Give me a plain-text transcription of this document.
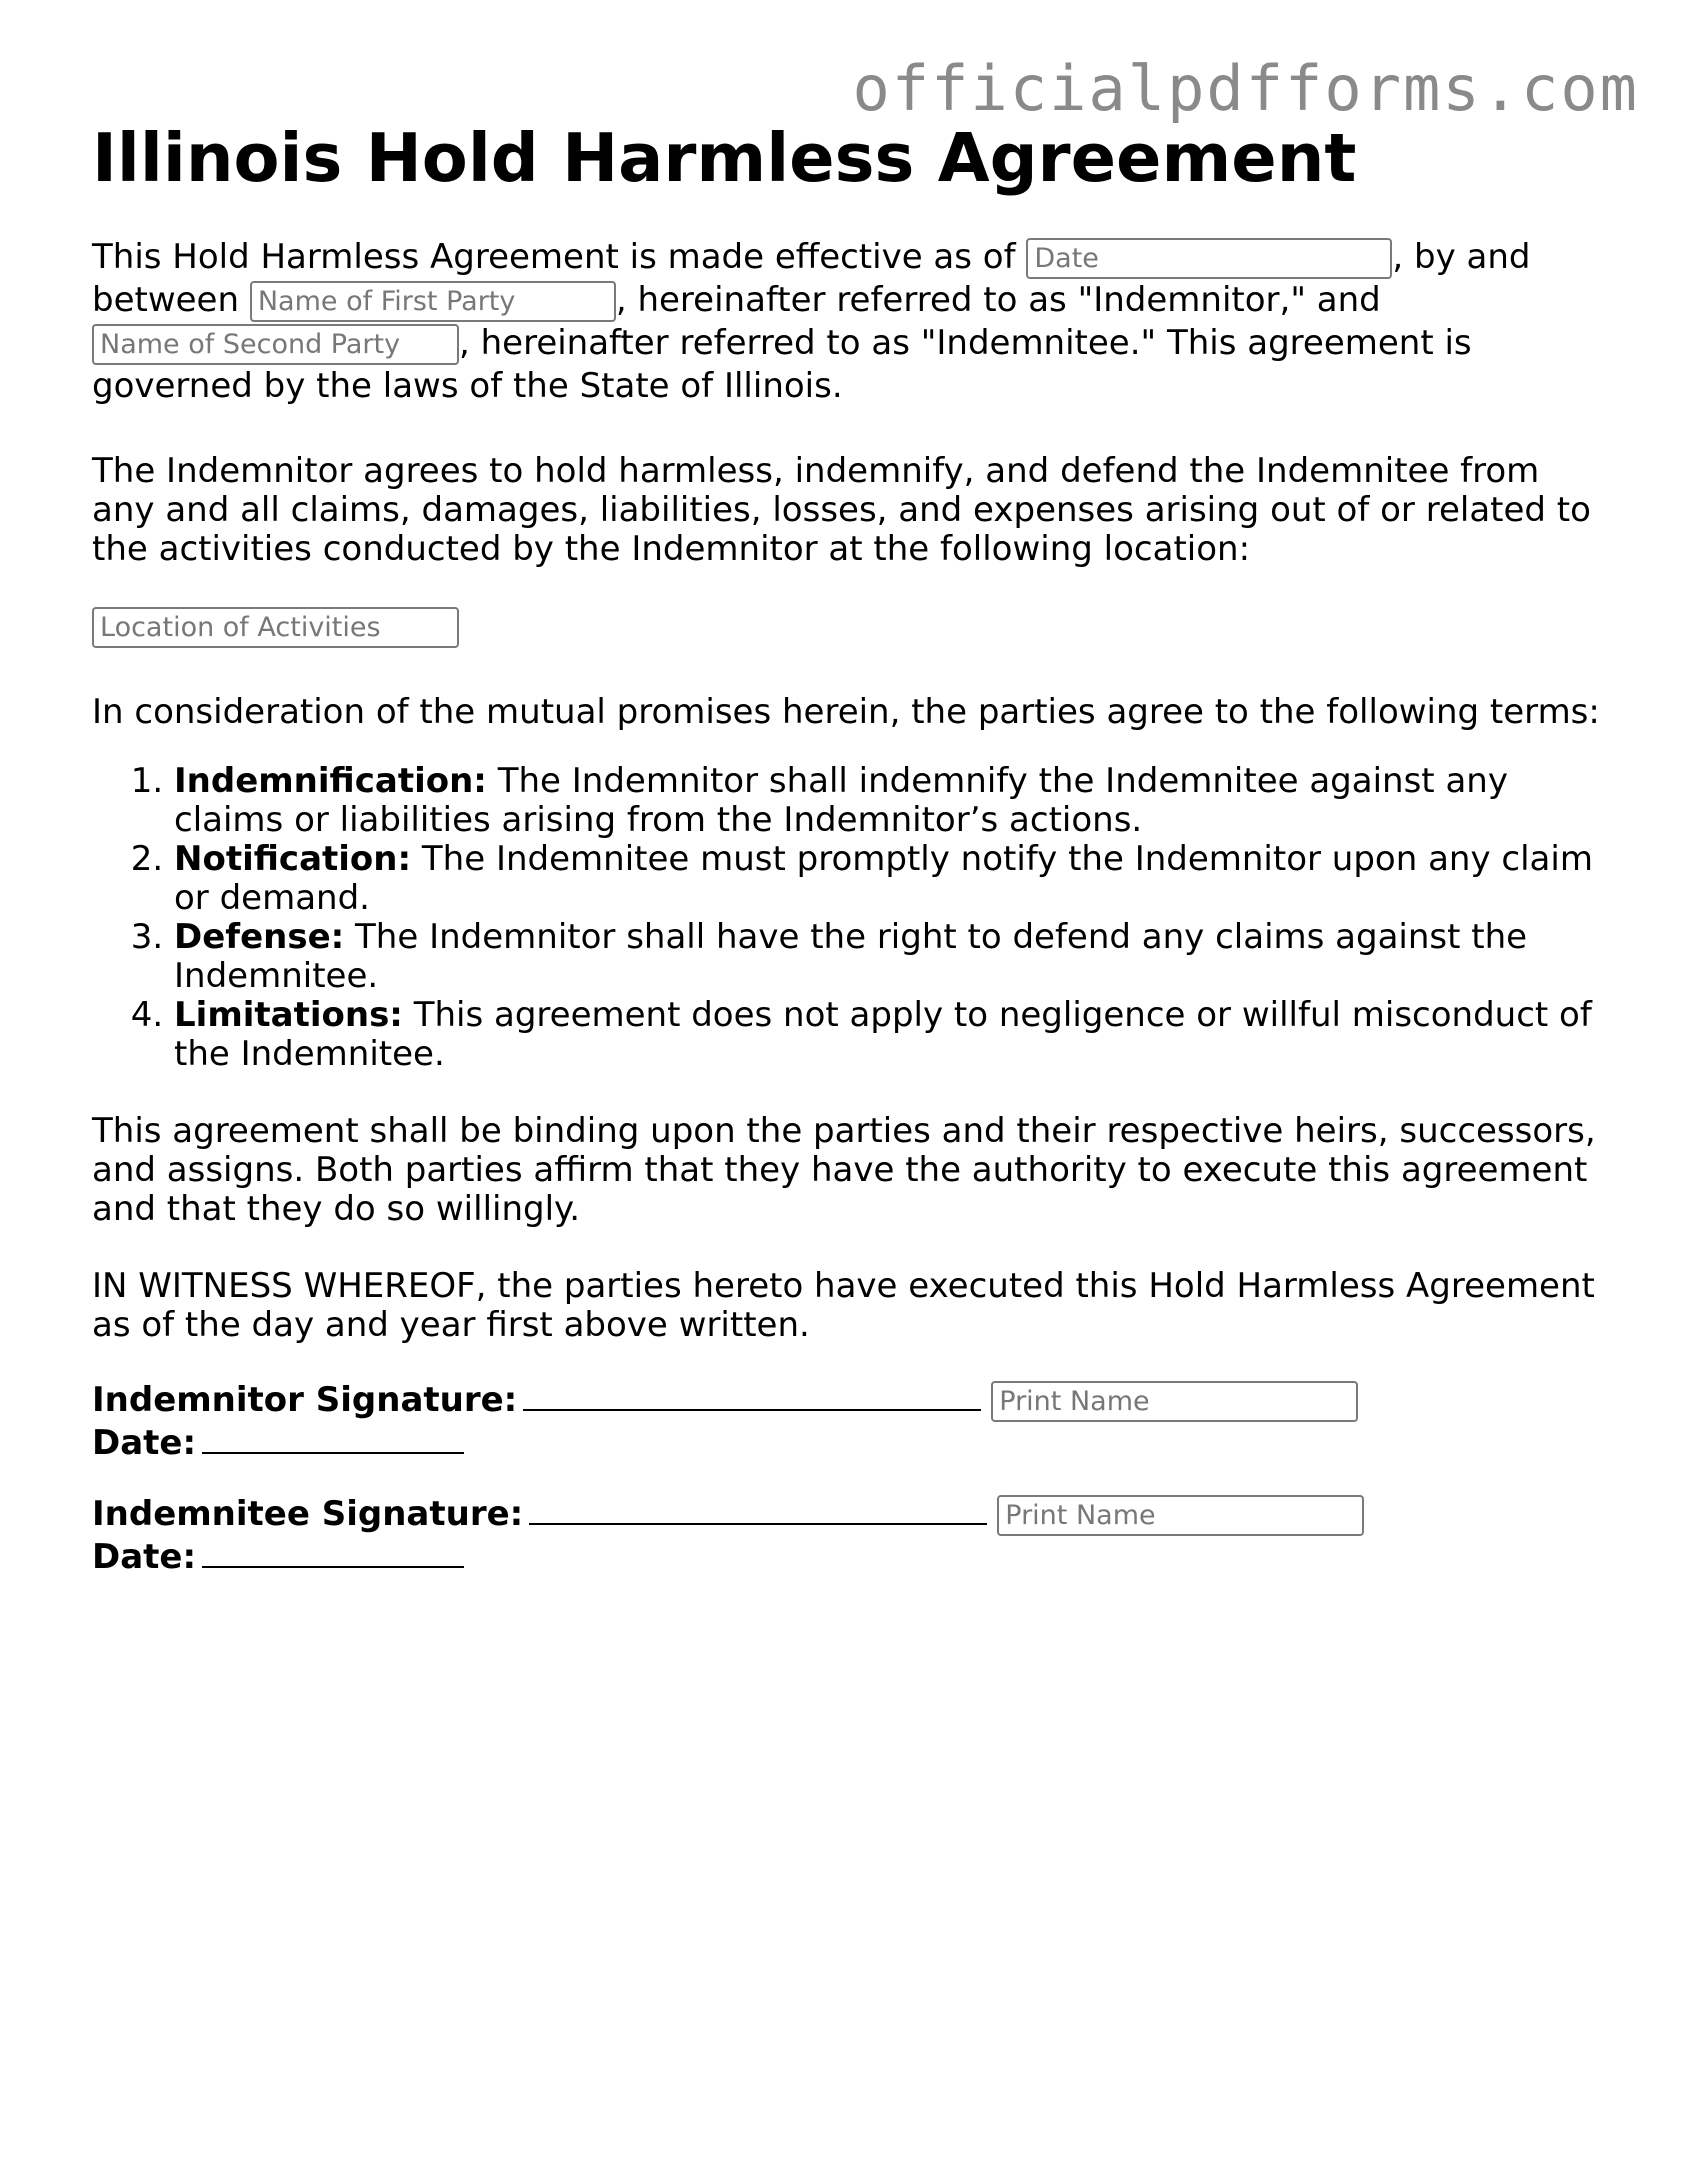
officialpdfforms.com
Illinois Hold Harmless Agreement

This Hold Harmless Agreement is made effective as of Date	, by and between Name of First Party	, hereinafter referred to as "Indemnitor," and Name of Second Party, hereinafter referred to as "Indemnitee." This agreement is governed by the laws of the State of Illinois.

The Indemnitor agrees to hold harmless, indemnify, and defend the Indemnitee from any and all claims, damages, liabilities, losses, and expenses arising out of or related to the activities conducted by the Indemnitor at the following location:

Location of Activities

In consideration of the mutual promises herein, the parties agree to the following terms:

1. Indemnification: The Indemnitor shall indemnify the Indemnitee against any claims or liabilities arising from the Indemnitor’s actions.
2. Notification: The Indemnitee must promptly notify the Indemnitor upon any claim or demand.
3. Defense: The Indemnitor shall have the right to defend any claims against the Indemnitee.
4. Limitations: This agreement does not apply to negligence or willful misconduct of the Indemnitee.

This agreement shall be binding upon the parties and their respective heirs, successors, and assigns. Both parties affirm that they have the authority to execute this agreement and that they do so willingly.

IN WITNESS WHEREOF, the parties hereto have executed this Hold Harmless Agreement as of the day and year first above written.

Indemnitor Signature:Print Name
Date:
Indemnitee Signature:Print Name
Date:
